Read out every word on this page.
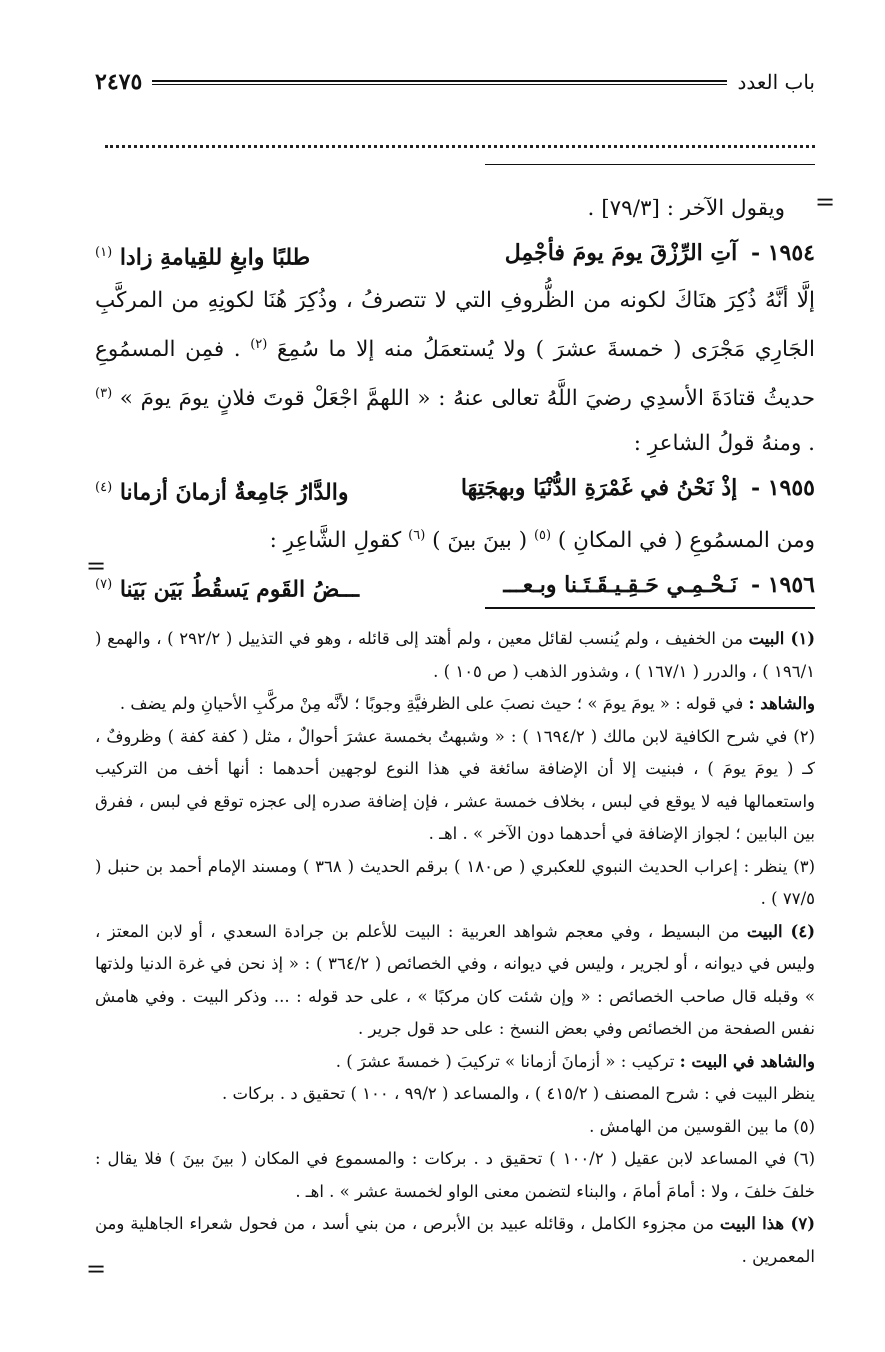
باب العدد
٢٤٧٥

ويقول الآخر : [٧٩/٣] .

١٩٥٤ - آتِ الرِّزْقَ يومَ يومَ فأجْمِل
طلبًا وابغِ للقِيامةِ زادا $^{(١)}$

إلَّا أنَّهُ ذُكِرَ هنَاكَ لكونه من الظُّروفِ التي لا تتصرفُ ، وذُكِرَ هُنَا لكونِهِ من المركَّبِ الجَارِي مَجْرَى ( خمسةَ عشرَ ) ولا يُستعمَلُ منه إلا ما سُمِعَ $^{(٢)}$ . فمِن المسمُوعِ حديثُ قتادَةَ الأسدِي رضيَ اللَّهُ تعالى عنهُ : « اللهمَّ اجْعَلْ قوتَ فلانٍ يومَ يومَ » $^{(٣)}$ . ومنهُ قولُ الشاعرِ :

١٩٥٥ - إذْ نَحْنُ في غَمْرَةِ الدُّنْيَا وبهجَتِهَا
والدَّارُ جَامِعةٌ أزمانَ أزمانا $^{(٤)}$

ومن المسمُوعِ ( في المكانِ ) $^{(٥)}$ ( بينَ بينَ ) $^{(٦)}$ كقولِ الشَّاعِرِ :

١٩٥٦ - نَـحْـمِـي حَـقِـيـقَـتَـنا وبـعـــ
ـــضُ القَوم يَسقُطُ بَيَن بَيَنا $^{(٧)}$

(١) البيت من الخفيف ، ولم يُنسب لقائل معين ، ولم أهتد إلى قائله ، وهو في التذييل ( ٢٩٢/٢ ) ، والهمع ( ١٩٦/١ ) ، والدرر ( ١٦٧/١ ) ، وشذور الذهب ( ص ١٠٥ ) .

والشاهد : في قوله : « يومَ يومَ » ؛ حيث نصبَ على الظرفيَّةِ وجوبًا ؛ لأنَّه مِنْ مركَّبِ الأحيانِ ولم يضف .

(٢) في شرح الكافية لابن مالك ( ١٦٩٤/٢ ) : « وشبهتُ بخمسة عشرَ أحوالٌ ، مثل ( كفة كفة ) وظروفٌ ، كـ ( يومَ يومَ ) ، فبنيت إلا أن الإضافة سائغة في هذا النوع لوجهين أحدهما : أنها أخف من التركيب واستعمالها فيه لا يوقع في لبس ، بخلاف خمسة عشر ، فإن إضافة صدره إلى عجزه توقع في لبس ، ففرق بين البابين ؛ لجواز الإضافة في أحدهما دون الآخر » . اهـ .

(٣) ينظر : إعراب الحديث النبوي للعكبري ( ص١٨٠ ) برقم الحديث ( ٣٦٨ ) ومسند الإمام أحمد بن حنبل ( ٧٧/٥ ) .

(٤) البيت من البسيط ، وفي معجم شواهد العربية : البيت للأعلم بن جرادة السعدي ، أو لابن المعتز ، وليس في ديوانه ، أو لجرير ، وليس في ديوانه ، وفي الخصائص ( ٣٦٤/٢ ) : « إذ نحن في غرة الدنيا ولذتها » وقبله قال صاحب الخصائص : « وإن شئت كان مركبًا » ، على حد قوله : ... وذكر البيت . وفي هامش نفس الصفحة من الخصائص وفي بعض النسخ : على حد قول جرير .

والشاهد في البيت : تركيب : « أزمانَ أزمانا » تركيبَ ( خمسةَ عشرَ ) .

ينظر البيت في : شرح المصنف ( ٤١٥/٢ ) ، والمساعد ( ٩٩/٢ ، ١٠٠ ) تحقيق د . بركات .

(٥) ما بين القوسين من الهامش .

(٦) في المساعد لابن عقيل ( ١٠٠/٢ ) تحقيق د . بركات : والمسموع في المكان ( بينَ بينَ ) فلا يقال : خلفَ خلفَ ، ولا : أمامَ أمامَ ، والبناء لتضمن معنى الواو لخمسة عشر » . اهـ .

(٧) هذا البيت من مجزوء الكامل ، وقائله عبيد بن الأبرص ، من بني أسد ، من فحول شعراء الجاهلية ومن المعمرين .

=
=
=
